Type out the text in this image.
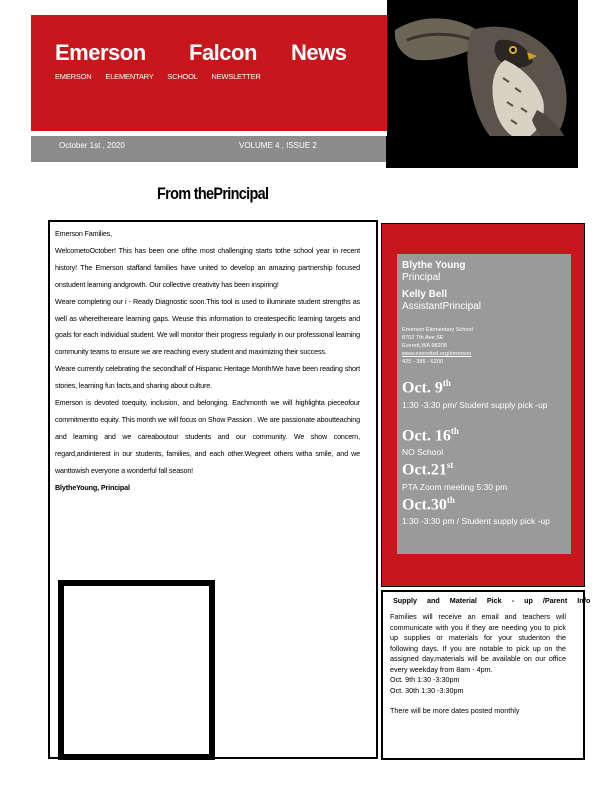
Emerson Falcon News
EMERSON ELEMENTARY SCHOOL NEWSLETTER
October 1st , 2020	VOLUME 4 , ISSUE 2
From thePrincipal

Emerson Families,

WelcometoOctober! This has been one ofthe most challenging starts tothe school year in recent history! The Emerson staffand families have united to develop an amazing partnership focused onstudent learning andgrowth. Our collective creativity has been inspiring!

Weare completing our i - Ready Diagnostic soon.This tool is used to illuminate student strengths as well as wherethereare learning gaps. Weuse this information to createspecific learning targets and goals for each individual student. We will monitor their progress regularly in our professional learning community teams to ensure we are reaching every student and maximizing their success.

Weare currently celebrating the secondhalf of Hispanic Heritage Month!We have been reading short stories, learning fun facts,and sharing about culture.

Emerson is devoted toequity, inclusion, and belonging. Eachmonth we will highlighta pieceofour commitmentto equity. This month we will focus on Show Passion . We are passionate aboutteaching and learning and we careaboutour students and our community. We show concern, regard,andinterest in our students, families, and each other.Wegreet others witha smile, and we wanttowish everyone a wonderful fall season!

BlytheYoung, Principal

Blythe Young
Principal
Kelly Bell
AssistantPrincipal
Emerson Elementary School
8702 7th Ave.SE
Everett,WA 98208
www.everettsd.org/emerson
425 - 385 - 6200
Oct. 9th
1:30 -3:30 pm/ Student supply pick -up
Oct. 16th
NO School
Oct.21st
PTA Zoom meeting 5:30 pm
Oct.30th
1:30 -3:30 pm / Student supply pick -up
Supply and Material Pick - up /Parent Info

Families will receive an email and teachers will communicate with you if they are needing you to pick up supplies or materials for your studenton the following days. If you are notable to pick up on the assigned day,materials will be available on our office every weekday from 8am - 4pm.

Oct. 9th 1:30 -3:30pm

Oct. 30th 1:30 -3:30pm

There will be more dates posted monthly
